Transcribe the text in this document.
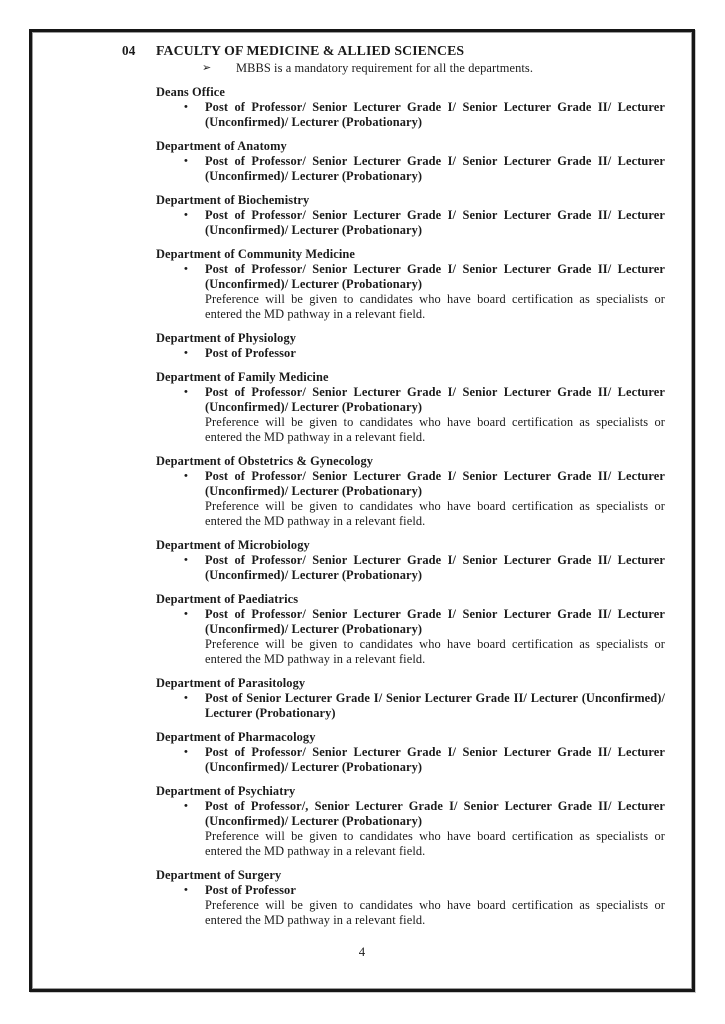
04	FACULTY OF MEDICINE & ALLIED SCIENCES
➢	MBBS is a mandatory requirement for all the departments.
Deans Office
•	Post of Professor/ Senior Lecturer Grade I/ Senior Lecturer Grade II/ Lecturer (Unconfirmed)/ Lecturer (Probationary)
Department of Anatomy
•	Post of Professor/ Senior Lecturer Grade I/ Senior Lecturer Grade II/ Lecturer (Unconfirmed)/ Lecturer (Probationary)
Department of Biochemistry
•	Post of Professor/ Senior Lecturer Grade I/ Senior Lecturer Grade II/ Lecturer (Unconfirmed)/ Lecturer (Probationary)
Department of Community Medicine
•	Post of Professor/ Senior Lecturer Grade I/ Senior Lecturer Grade II/ Lecturer (Unconfirmed)/ Lecturer (Probationary)
Preference will be given to candidates who have board certification as specialists or entered the MD pathway in a relevant field.
Department of Physiology
•	Post of Professor
Department of Family Medicine
•	Post of Professor/ Senior Lecturer Grade I/ Senior Lecturer Grade II/ Lecturer (Unconfirmed)/ Lecturer (Probationary)
Preference will be given to candidates who have board certification as specialists or entered the MD pathway in a relevant field.
Department of Obstetrics & Gynecology
•	Post of Professor/ Senior Lecturer Grade I/ Senior Lecturer Grade II/ Lecturer (Unconfirmed)/ Lecturer (Probationary)
Preference will be given to candidates who have board certification as specialists or entered the MD pathway in a relevant field.
Department of Microbiology
•	Post of Professor/ Senior Lecturer Grade I/ Senior Lecturer Grade II/ Lecturer (Unconfirmed)/ Lecturer (Probationary)
Department of Paediatrics
•	Post of Professor/ Senior Lecturer Grade I/ Senior Lecturer Grade II/ Lecturer (Unconfirmed)/ Lecturer (Probationary)
Preference will be given to candidates who have board certification as specialists or entered the MD pathway in a relevant field.
Department of Parasitology
•	Post of Senior Lecturer Grade I/ Senior Lecturer Grade II/ Lecturer (Unconfirmed)/ Lecturer (Probationary)
Department of Pharmacology
•	Post of Professor/ Senior Lecturer Grade I/ Senior Lecturer Grade II/ Lecturer (Unconfirmed)/ Lecturer (Probationary)
Department of Psychiatry
•	Post of Professor/, Senior Lecturer Grade I/ Senior Lecturer Grade II/ Lecturer (Unconfirmed)/ Lecturer (Probationary)
Preference will be given to candidates who have board certification as specialists or entered the MD pathway in a relevant field.
Department of Surgery
•	Post of Professor
Preference will be given to candidates who have board certification as specialists or entered the MD pathway in a relevant field.
4
